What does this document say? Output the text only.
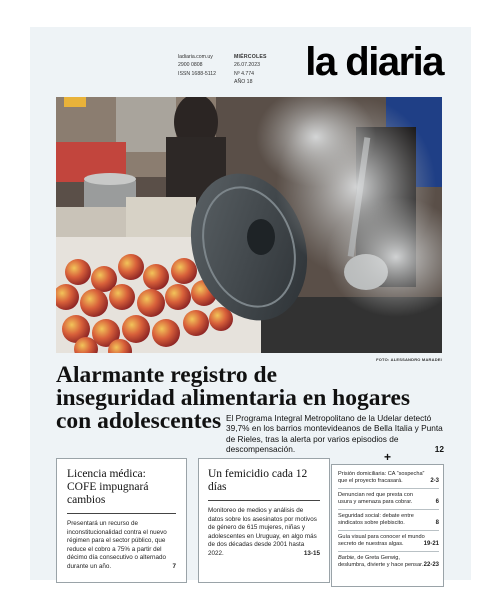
ladiaria.com.uy
2900 0808
ISSN 1688-5112
MIÉRCOLES
26.07.2023
Nº 4.774
AÑO 18	la diaria
FOTO: ALESSANDRO MARADEI
Alarmante registro de
inseguridad alimentaria en hogares
con adolescentes El Programa Integral Metropolitano de la Udelar detectó 39,7% en los barrios montevideanos de Bella Italia y Punta de Rieles, tras la alerta por varios episodios de descompensación.	12
Licencia médica: COFE impugnará cambios
Presentará un recurso de inconstitucionalidad contra el nuevo régimen para el sector público, que reduce el cobro a 75% a partir del décimo día consecutivo o alternado durante un año.	7
Un femicidio cada 12 días
Monitoreo de medios y análisis de datos sobre los asesinatos por motivos de género de 615 mujeres, niñas y adolescentes en Uruguay, en algo más de dos décadas desde 2001 hasta 2022.	13-15
+
Prisión domiciliaria: CA “sospecha” que el proyecto fracasará.	2-3
Denuncian red que presta con usura y amenaza para cobrar.	6
Seguridad social: debate entre sindicatos sobre plebiscito.	8
Guía visual para conocer el mundo secreto de nuestras algas.	19-21
Barbie, de Greta Gerwig, deslumbra, divierte y hace pensar. 22-23
